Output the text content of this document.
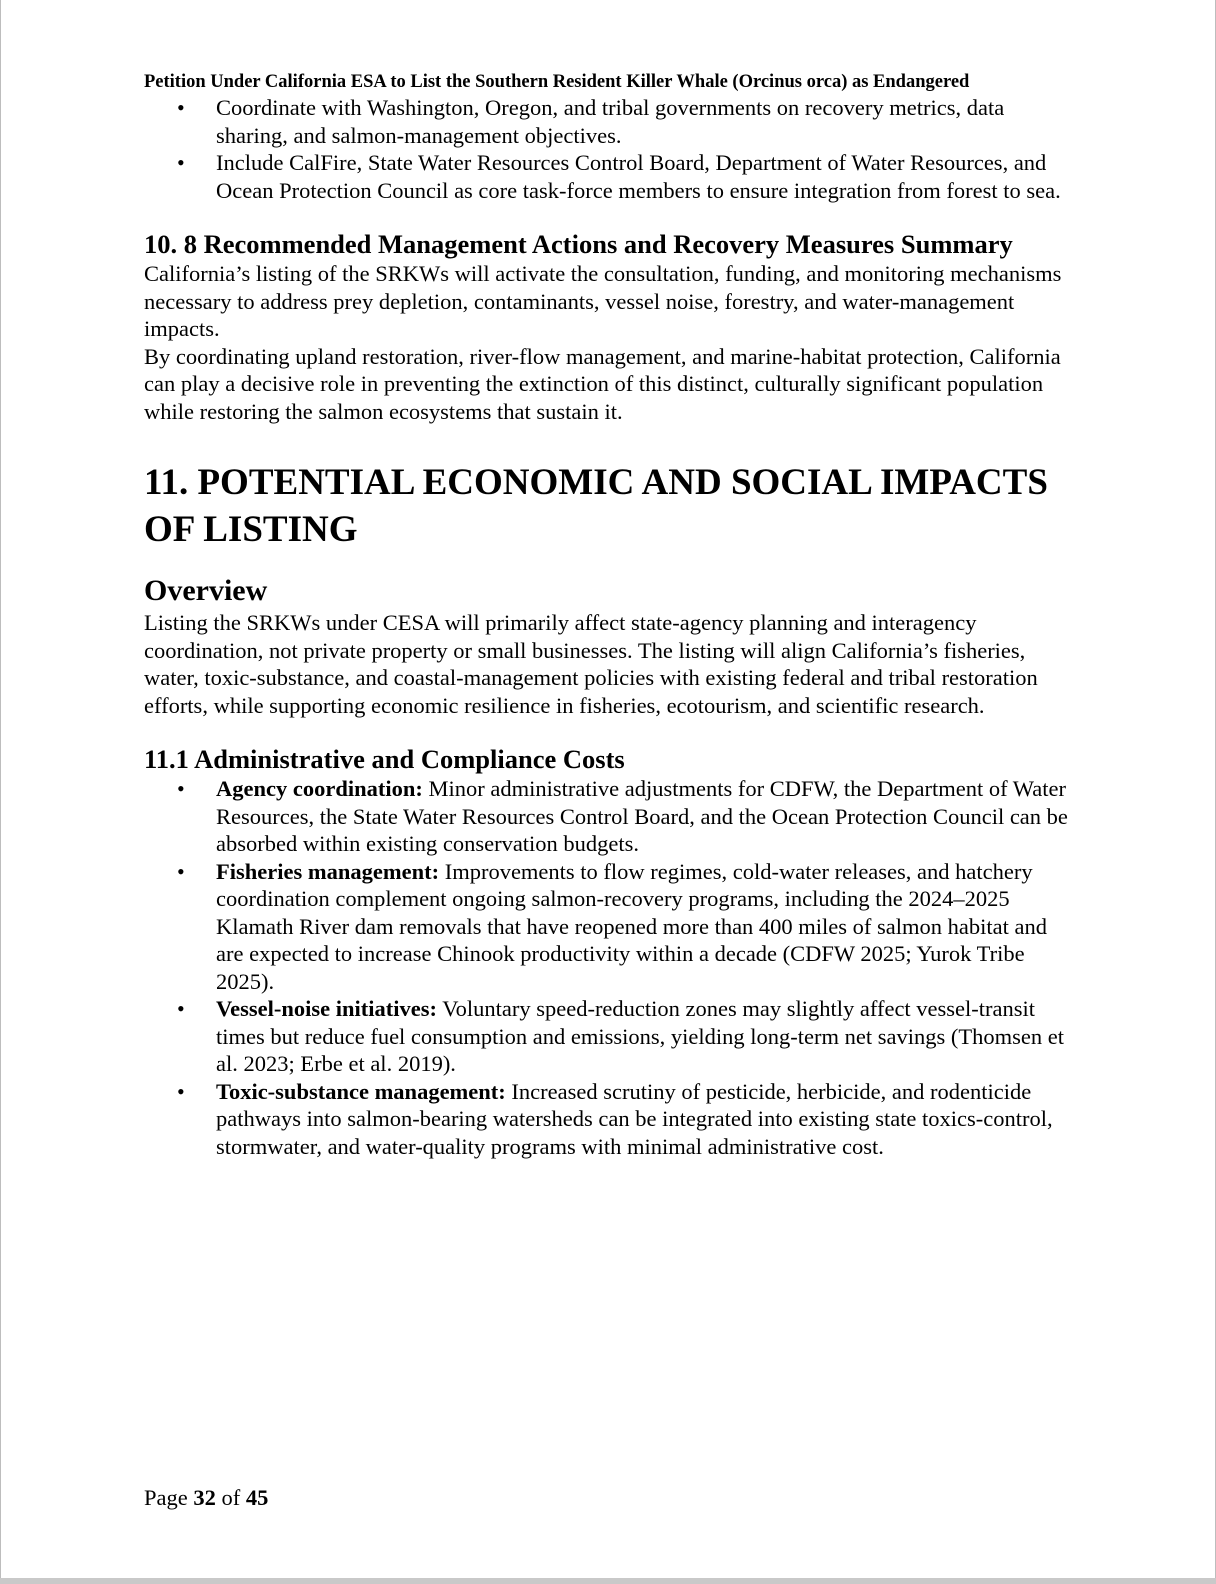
Petition Under California ESA to List the Southern Resident Killer Whale (Orcinus orca) as Endangered

• Coordinate with Washington, Oregon, and tribal governments on recovery metrics, data sharing, and salmon-management objectives.
• Include CalFire, State Water Resources Control Board, Department of Water Resources, and Ocean Protection Council as core task-force members to ensure integration from forest to sea.
10. 8 Recommended Management Actions and Recovery Measures Summary

California’s listing of the SRKWs will activate the consultation, funding, and monitoring mechanisms necessary to address prey depletion, contaminants, vessel noise, forestry, and water-management impacts.

By coordinating upland restoration, river-flow management, and marine-habitat protection, California can play a decisive role in preventing the extinction of this distinct, culturally significant population while restoring the salmon ecosystems that sustain it.

11. POTENTIAL ECONOMIC AND SOCIAL IMPACTS
OF LISTING
Overview

Listing the SRKWs under CESA will primarily affect state-agency planning and interagency coordination, not private property or small businesses. The listing will align California’s fisheries, water, toxic-substance, and coastal-management policies with existing federal and tribal restoration efforts, while supporting economic resilience in fisheries, ecotourism, and scientific research.

11.1 Administrative and Compliance Costs
• Agency coordination: Minor administrative adjustments for CDFW, the Department of Water Resources, the State Water Resources Control Board, and the Ocean Protection Council can be absorbed within existing conservation budgets.
• Fisheries management: Improvements to flow regimes, cold-water releases, and hatchery coordination complement ongoing salmon-recovery programs, including the 2024–2025 Klamath River dam removals that have reopened more than 400 miles of salmon habitat and are expected to increase Chinook productivity within a decade (CDFW 2025; Yurok Tribe 2025).
• Vessel-noise initiatives: Voluntary speed-reduction zones may slightly affect vessel-transit times but reduce fuel consumption and emissions, yielding long-term net savings (Thomsen et al. 2023; Erbe et al. 2019).
• Toxic-substance management: Increased scrutiny of pesticide, herbicide, and rodenticide pathways into salmon-bearing watersheds can be integrated into existing state toxics-control, stormwater, and water-quality programs with minimal administrative cost.
Page 32 of 45
